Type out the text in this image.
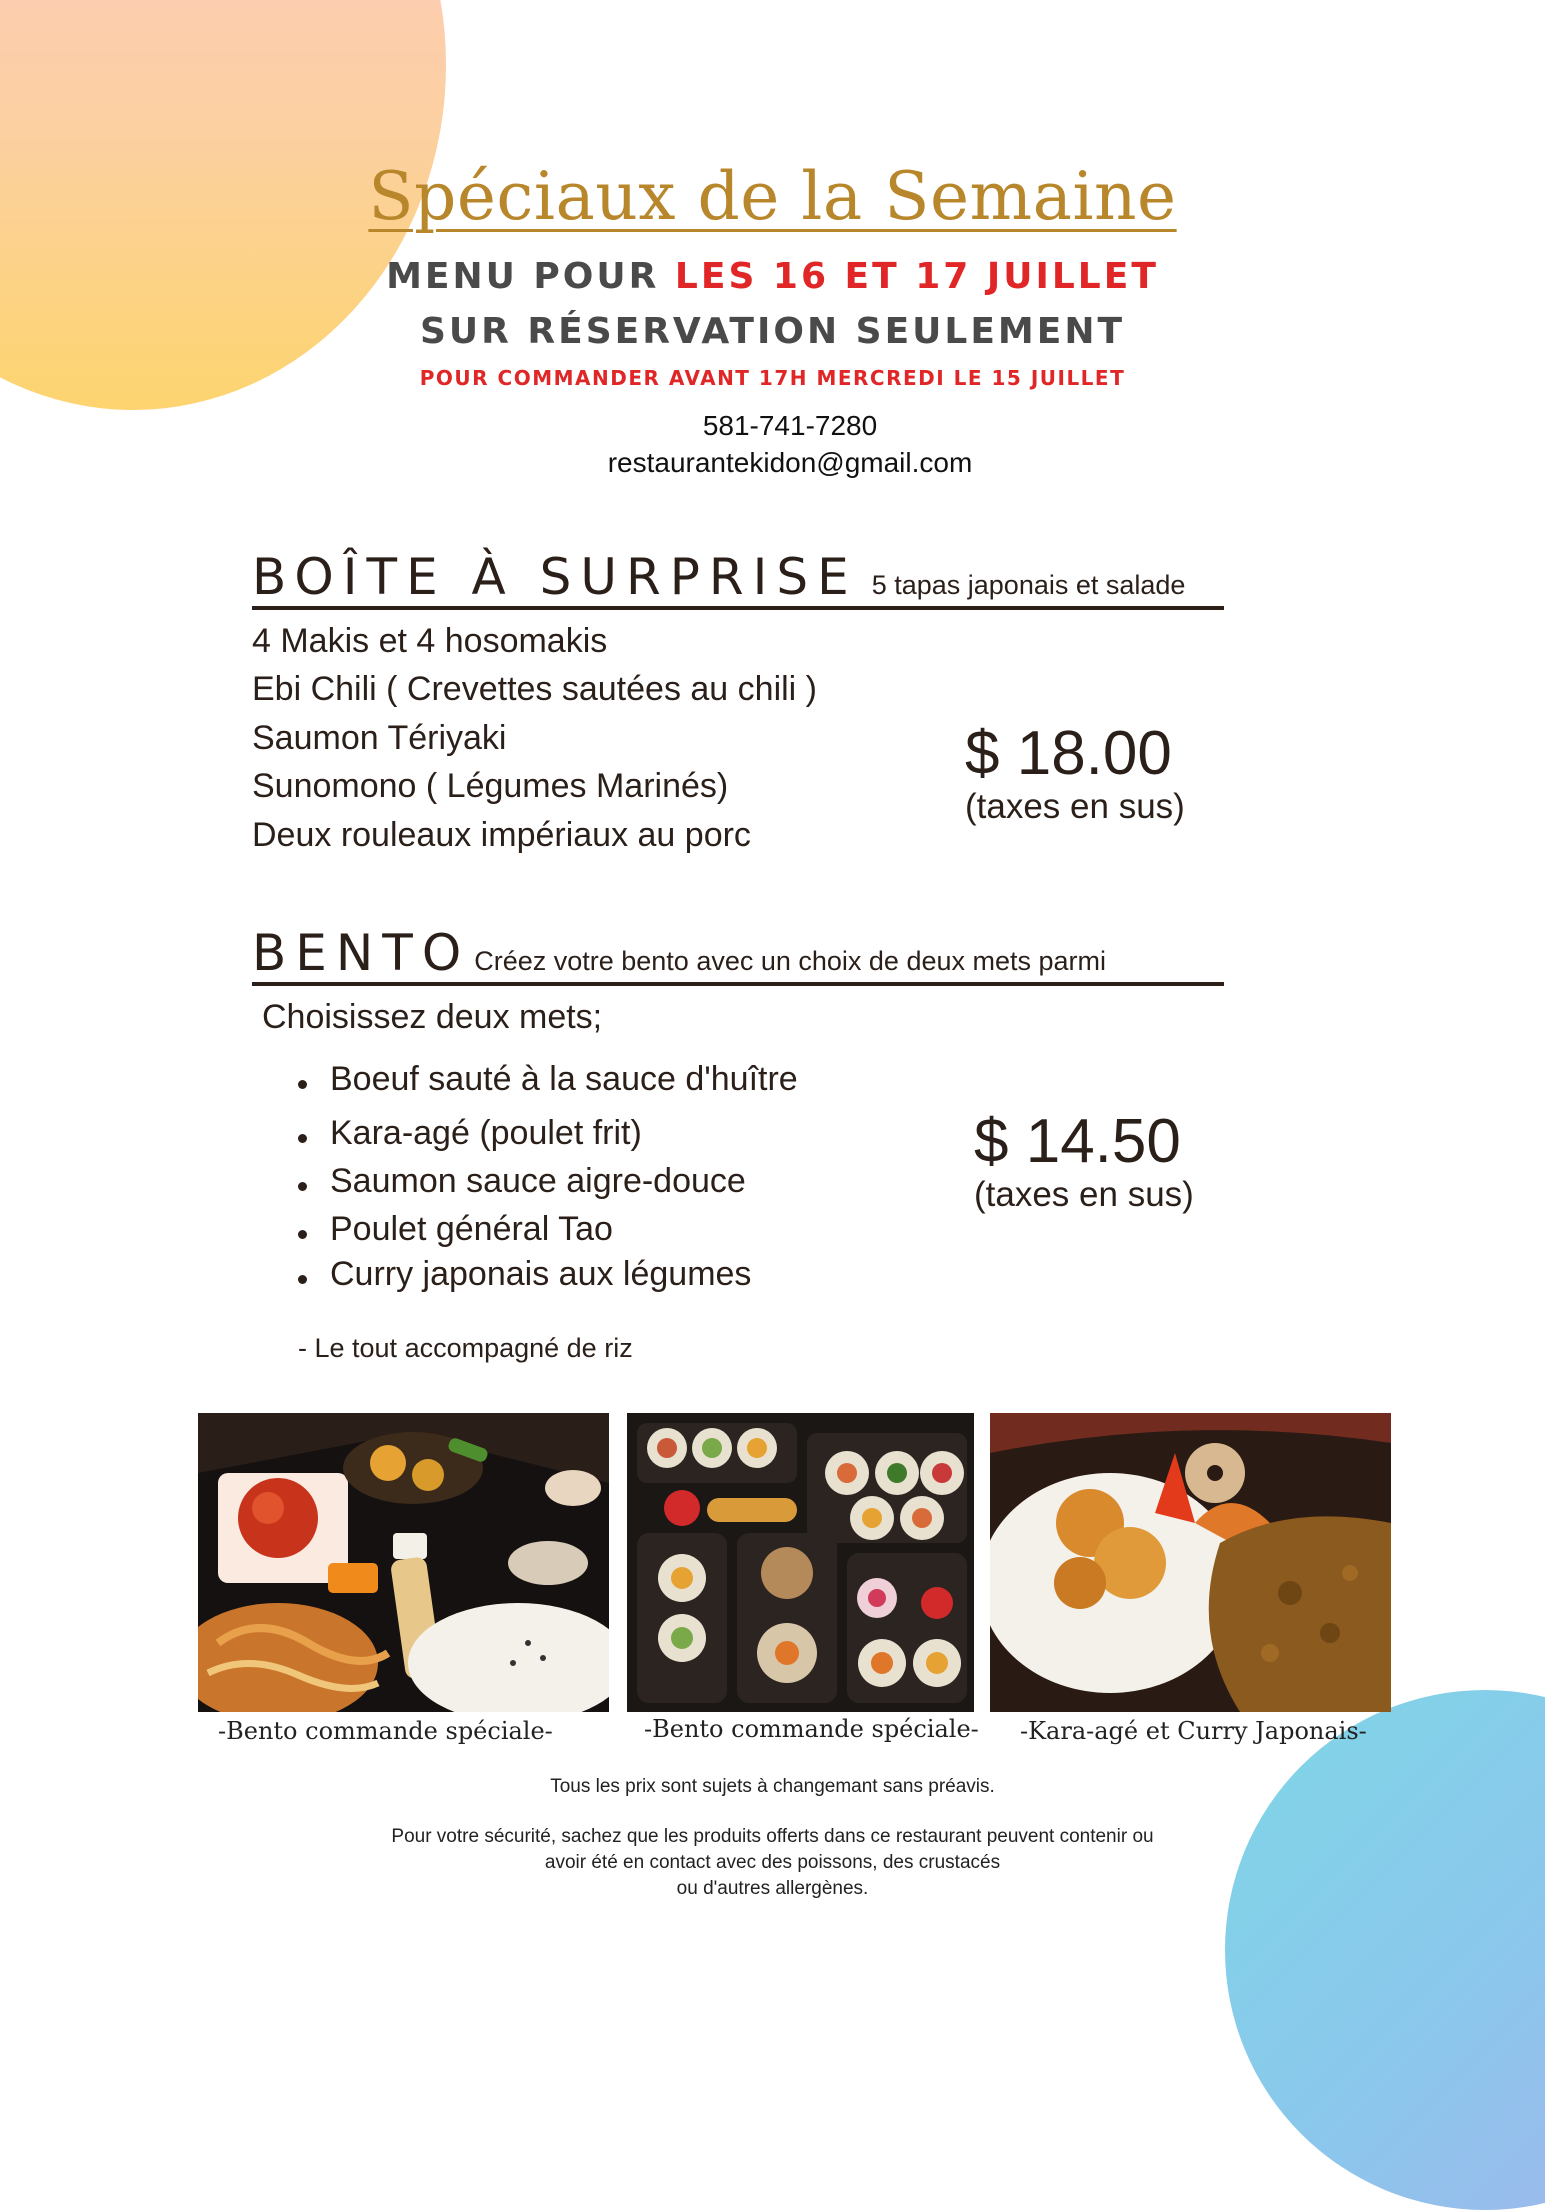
Spéciaux de la Semaine
MENU POUR LES 16 ET 17 JUILLET
SUR RÉSERVATION SEULEMENT
POUR COMMANDER AVANT 17H MERCREDI LE 15 JUILLET
581-741-7280
restaurantekidon@gmail.com
BOÎTE À SURPRISE 5 tapas japonais et salade
4 Makis et 4 hosomakis
Ebi Chili ( Crevettes sautées au chili )
Saumon Tériyaki
Sunomono ( Légumes Marinés)
Deux rouleaux impériaux au porc
$ 18.00
(taxes en sus)
BENTO Créez votre bento avec un choix de deux mets parmi
Choisissez deux mets;
Boeuf sauté à la sauce d'huître
Kara-agé (poulet frit)
Saumon sauce aigre-douce
Poulet général Tao
Curry japonais aux légumes
- Le tout accompagné de riz
$ 14.50
(taxes en sus)
-Bento commande spéciale-	-Bento commande spéciale- -Kara-agé et Curry Japonais-
Tous les prix sont sujets à changemant sans préavis.
Pour votre sécurité, sachez que les produits offerts dans ce restaurant peuvent contenir ou
avoir été en contact avec des poissons, des crustacés
ou d'autres allergènes.
